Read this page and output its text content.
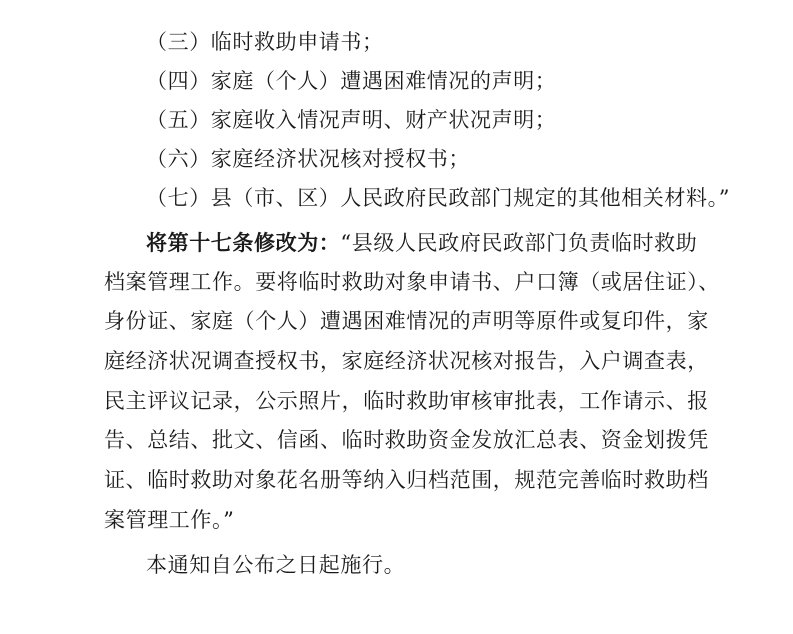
（三）临时救助申请书；
（四）家庭（个人）遭遇困难情况的声明；
（五）家庭收入情况声明、财产状况声明；
（六）家庭经济状况核对授权书；
（七）县（市、区）人民政府民政部门规定的其他相关材料。”
将第十七条修改为：“县级人民政府民政部门负责临时救助
档案管理工作。要将临时救助对象申请书、户口簿（或居住证）、
身份证、家庭（个人）遭遇困难情况的声明等原件或复印件，家
庭经济状况调查授权书，家庭经济状况核对报告，入户调查表，
民主评议记录，公示照片，临时救助审核审批表，工作请示、报
告、总结、批文、信函、临时救助资金发放汇总表、资金划拨凭
证、临时救助对象花名册等纳入归档范围，规范完善临时救助档
案管理工作。”
本通知自公布之日起施行。
